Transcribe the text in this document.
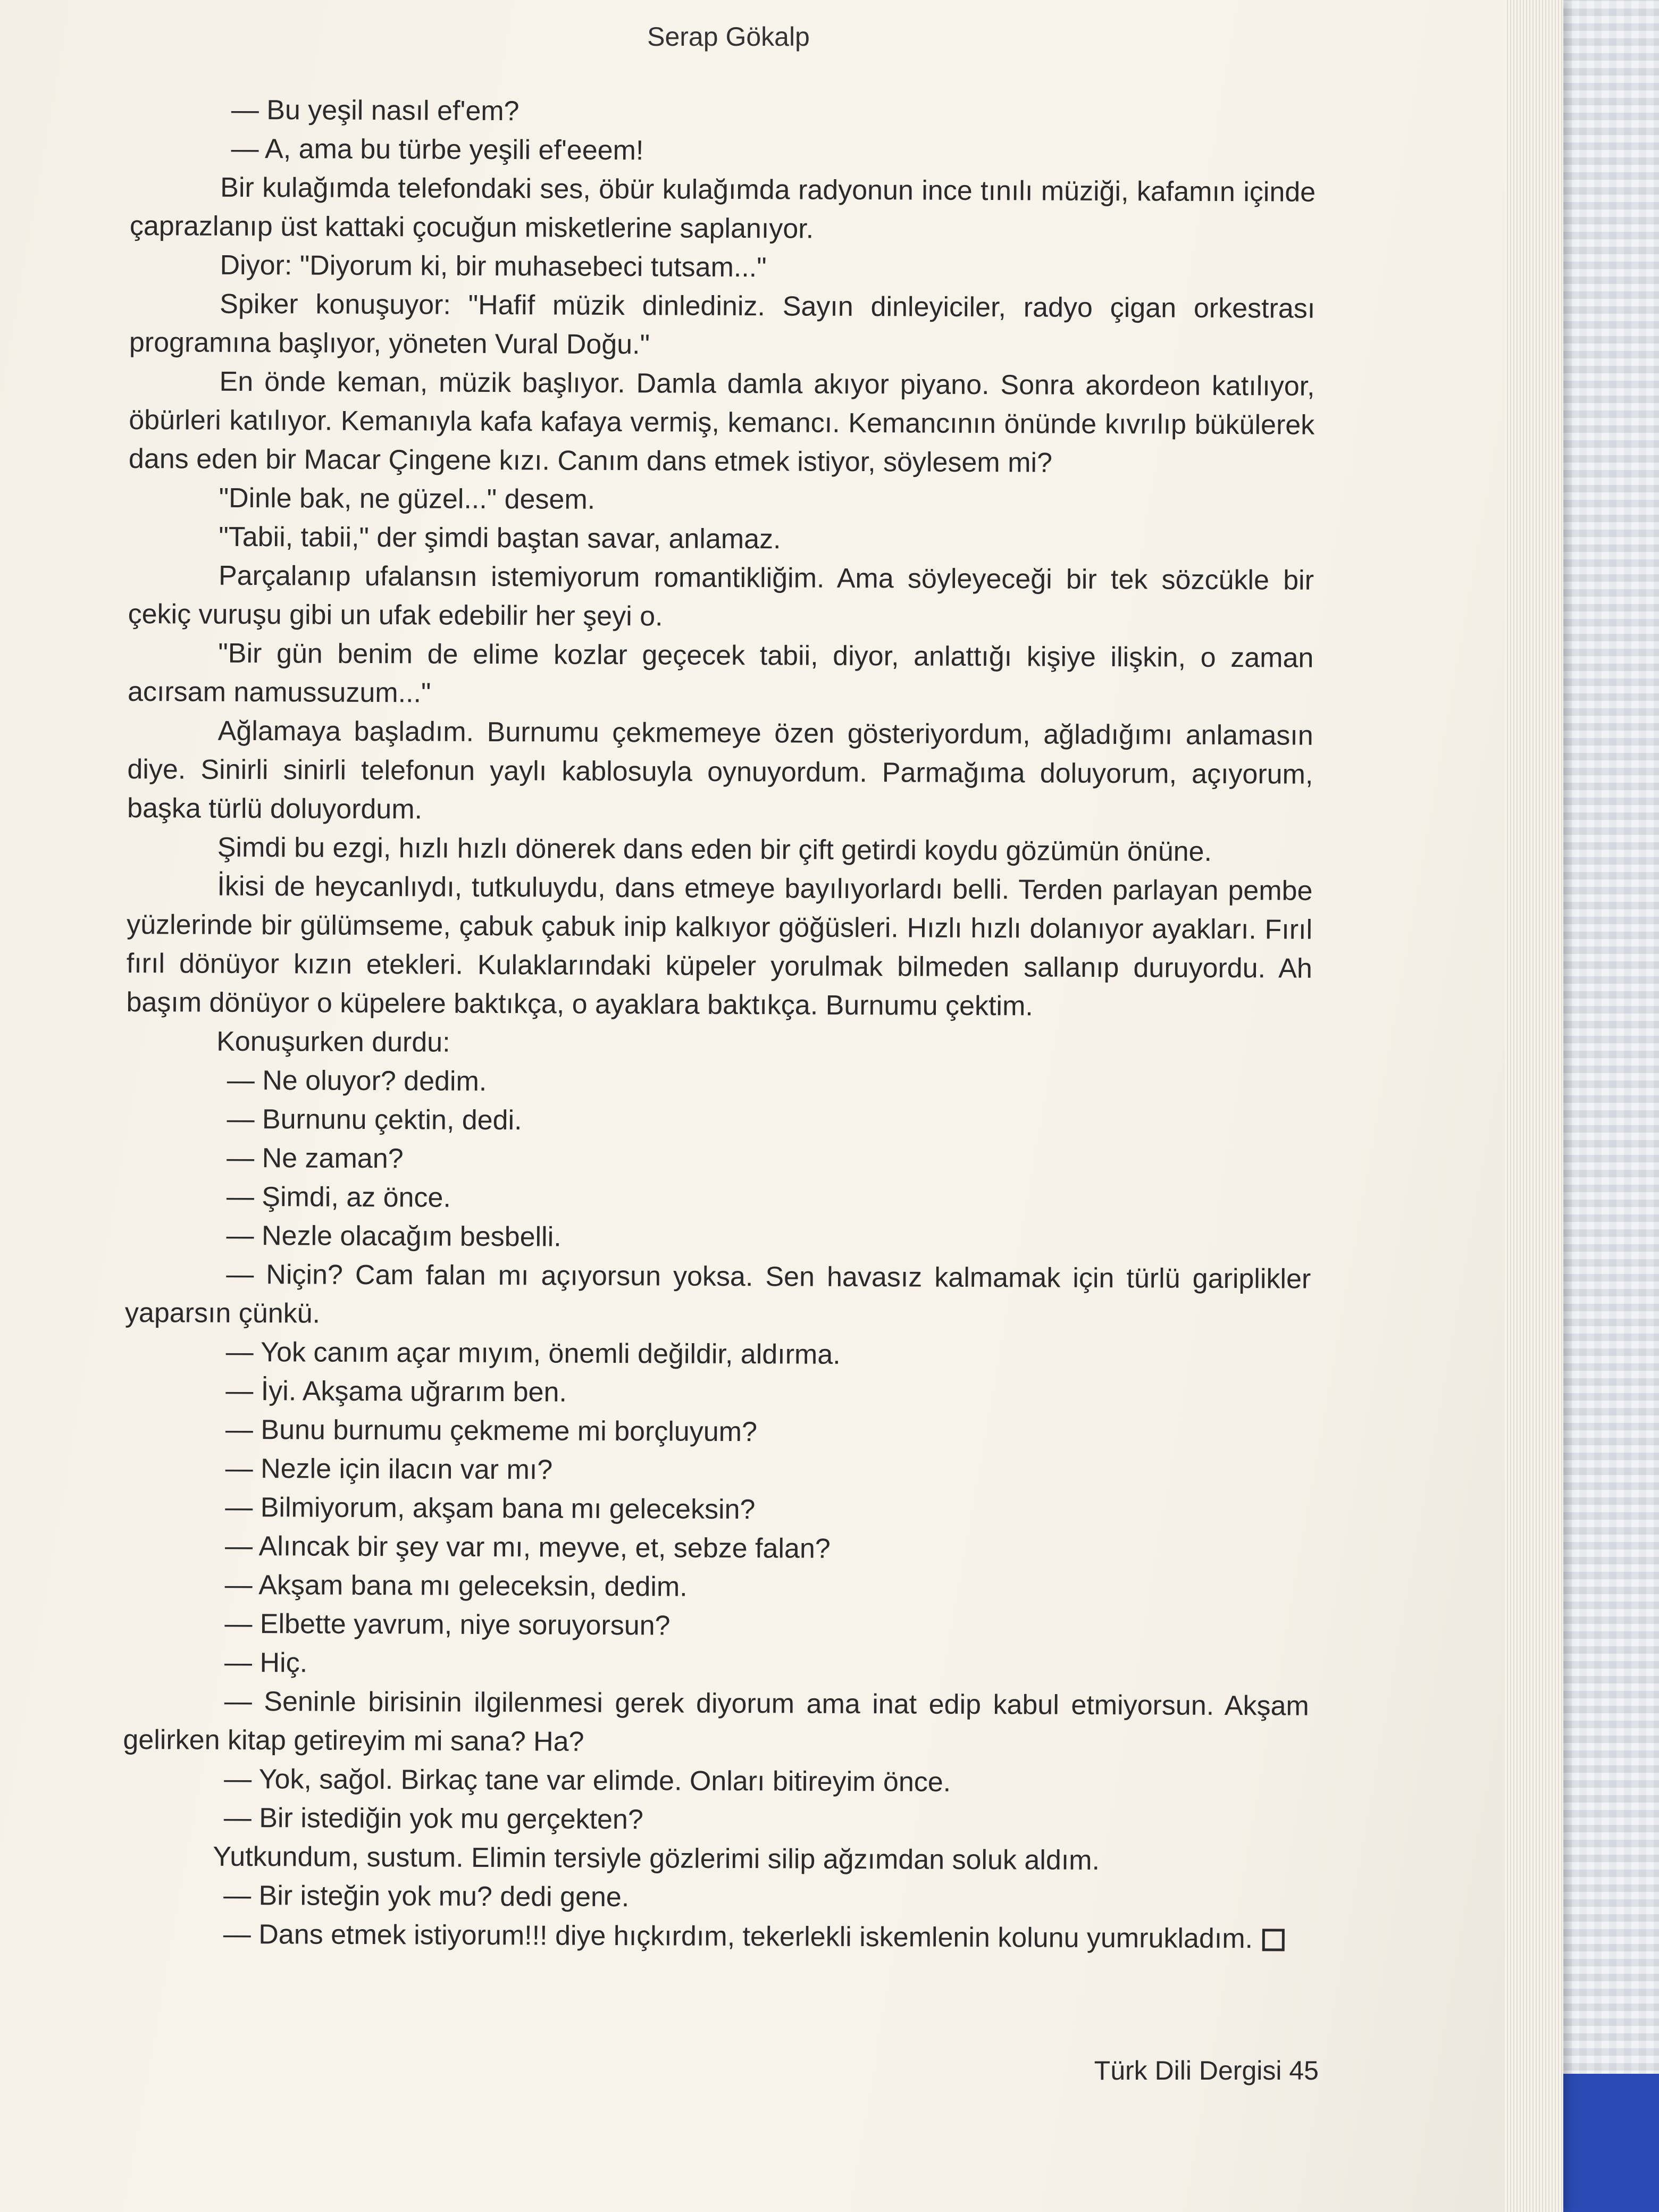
Serap Gökalp

— Bu yeşil nasıl ef'em?

— A, ama bu türbe yeşili ef'eeem!

Bir kulağımda telefondaki ses, öbür kulağımda radyonun ince tınılı müziği, kafamın içinde çaprazlanıp üst kattaki çocuğun misketlerine saplanıyor.

Diyor: "Diyorum ki, bir muhasebeci tutsam..."

Spiker konuşuyor: "Hafif müzik dinlediniz. Sayın dinleyiciler, radyo çigan orkestrası programına başlıyor, yöneten Vural Doğu."

En önde keman, müzik başlıyor. Damla damla akıyor piyano. Sonra akordeon katılıyor, öbürleri katılıyor. Kemanıyla kafa kafaya vermiş, kemancı. Kemancının önünde kıvrılıp bükülerek dans eden bir Macar Çingene kızı. Canım dans etmek istiyor, söylesem mi?

"Dinle bak, ne güzel..." desem.

"Tabii, tabii," der şimdi baştan savar, anlamaz.

Parçalanıp ufalansın istemiyorum romantikliğim. Ama söyleyeceği bir tek sözcükle bir çekiç vuruşu gibi un ufak edebilir her şeyi o.

"Bir gün benim de elime kozlar geçecek tabii, diyor, anlattığı kişiye ilişkin, o zaman acırsam namussuzum..."

Ağlamaya başladım. Burnumu çekmemeye özen gösteriyordum, ağladığımı anlamasın diye. Sinirli sinirli telefonun yaylı kablosuyla oynuyordum. Parmağıma doluyorum, açıyorum, başka türlü doluyordum.

Şimdi bu ezgi, hızlı hızlı dönerek dans eden bir çift getirdi koydu gözümün önüne.

İkisi de heycanlıydı, tutkuluydu, dans etmeye bayılıyorlardı belli. Terden parlayan pembe yüzlerinde bir gülümseme, çabuk çabuk inip kalkıyor göğüsleri. Hızlı hızlı dolanıyor ayakları. Fırıl fırıl dönüyor kızın etekleri. Kulaklarındaki küpeler yorulmak bilmeden sallanıp duruyordu. Ah başım dönüyor o küpelere baktıkça, o ayaklara baktıkça. Burnumu çektim.

Konuşurken durdu:

— Ne oluyor? dedim.

— Burnunu çektin, dedi.

— Ne zaman?

— Şimdi, az önce.

— Nezle olacağım besbelli.

— Niçin? Cam falan mı açıyorsun yoksa. Sen havasız kalmamak için türlü gariplikler yaparsın çünkü.

— Yok canım açar mıyım, önemli değildir, aldırma.

— İyi. Akşama uğrarım ben.

— Bunu burnumu çekmeme mi borçluyum?

— Nezle için ilacın var mı?

— Bilmiyorum, akşam bana mı geleceksin?

— Alıncak bir şey var mı, meyve, et, sebze falan?

— Akşam bana mı geleceksin, dedim.

— Elbette yavrum, niye soruyorsun?

— Hiç.

— Seninle birisinin ilgilenmesi gerek diyorum ama inat edip kabul etmiyorsun. Akşam gelirken kitap getireyim mi sana? Ha?

— Yok, sağol. Birkaç tane var elimde. Onları bitireyim önce.

— Bir istediğin yok mu gerçekten?

Yutkundum, sustum. Elimin tersiyle gözlerimi silip ağzımdan soluk aldım.

— Bir isteğin yok mu? dedi gene.

— Dans etmek istiyorum!!! diye hıçkırdım, tekerlekli iskemlenin kolunu yumrukladım.

Türk Dili Dergisi 45
